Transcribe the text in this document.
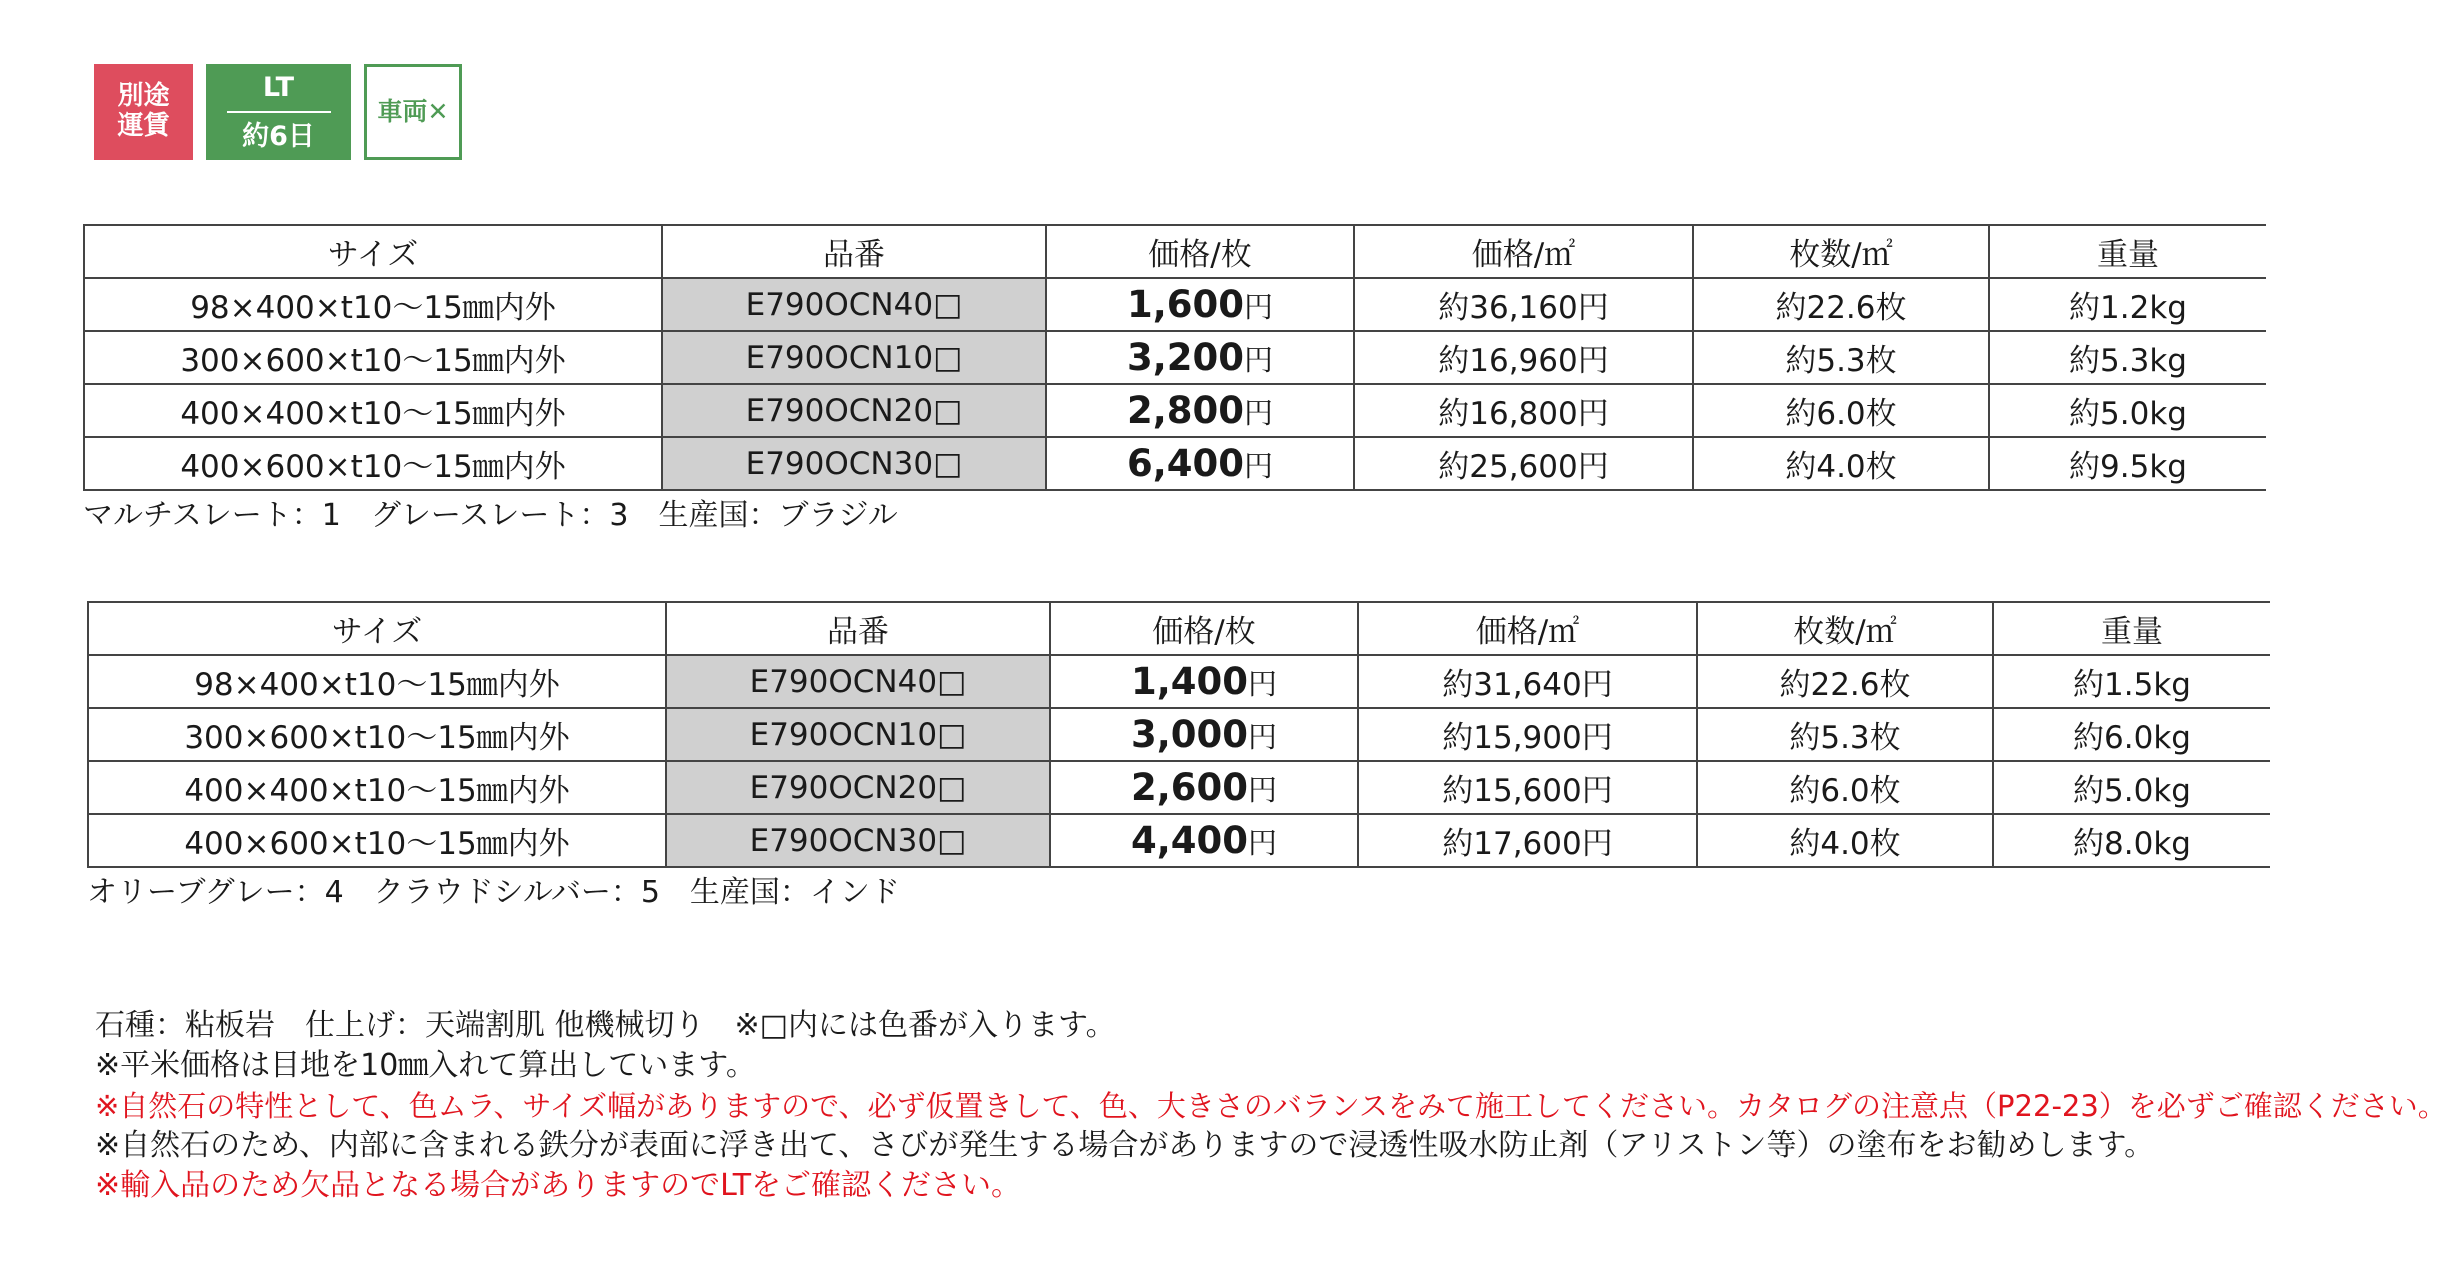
別途
運賃
LT
約6日
車両✕
サイズ	品番	価格/枚	価格/㎡	枚数/㎡	重量
98×400×t10〜15㎜内外	E790OCN40□	1,600円	約36,160円	約22.6枚	約1.2kg
300×600×t10〜15㎜内外	E790OCN10□	3,200円	約16,960円	約5.3枚	約5.3kg
400×400×t10〜15㎜内外	E790OCN20□	2,800円	約16,800円	約6.0枚	約5.0kg
400×600×t10〜15㎜内外	E790OCN30□	6,400円	約25,600円	約4.0枚	約9.5kg
マルチスレート：1　グレースレート：3　生産国：ブラジル
サイズ	品番	価格/枚	価格/㎡	枚数/㎡	重量
98×400×t10〜15㎜内外	E790OCN40□	1,400円	約31,640円	約22.6枚	約1.5kg
300×600×t10〜15㎜内外	E790OCN10□	3,000円	約15,900円	約5.3枚	約6.0kg
400×400×t10〜15㎜内外	E790OCN20□	2,600円	約15,600円	約6.0枚	約5.0kg
400×600×t10〜15㎜内外	E790OCN30□	4,400円	約17,600円	約4.0枚	約8.0kg
オリーブグレー：4　クラウドシルバー：5　生産国：インド
石種：粘板岩　仕上げ：天端割肌 他機械切り　※□内には色番が入ります。
※平米価格は目地を10㎜入れて算出しています。
※自然石の特性として、色ムラ、サイズ幅がありますので、必ず仮置きして、色、大きさのバランスをみて施工してください。カタログの注意点（P22-23）を必ずご確認ください。
※自然石のため、内部に含まれる鉄分が表面に浮き出て、さびが発生する場合がありますので浸透性吸水防止剤（アリストン等）の塗布をお勧めします。
※輸入品のため欠品となる場合がありますのでLTをご確認ください。
